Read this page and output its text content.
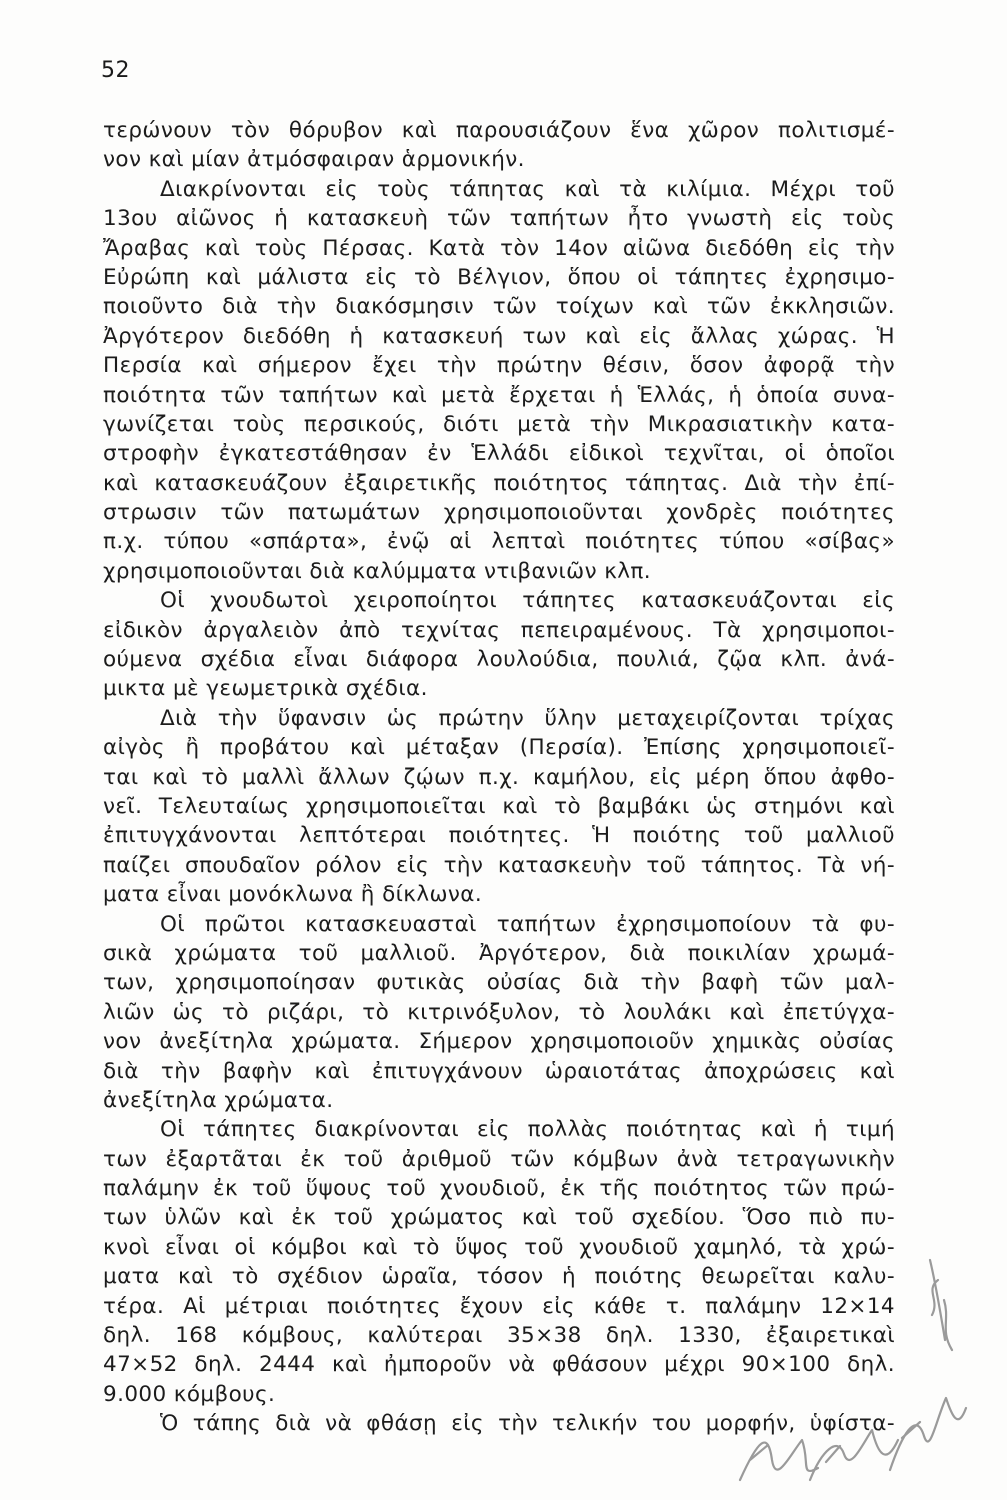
52
τερώνουν τὸν θόρυβον καὶ παρουσιάζουν ἕνα χῶρον πολιτισμέ-
νον καὶ μίαν ἀτμόσφαιραν ἁρμονικήν.
Διακρίνονται εἰς τοὺς τάπητας καὶ τὰ κιλίμια. Μέχρι τοῦ
13ου αἰῶνος ἡ κατασκευὴ τῶν ταπήτων ἦτο γνωστὴ εἰς τοὺς
Ἄραβας καὶ τοὺς Πέρσας. Κατὰ τὸν 14ον αἰῶνα διεδόθη εἰς τὴν
Εὐρώπη καὶ μάλιστα εἰς τὸ Βέλγιον, ὅπου οἱ τάπητες ἐχρησιμο-
ποιοῦντο διὰ τὴν διακόσμησιν τῶν τοίχων καὶ τῶν ἐκκλησιῶν.
Ἀργότερον διεδόθη ἡ κατασκευή των καὶ εἰς ἄλλας χώρας. Ἡ
Περσία καὶ σήμερον ἔχει τὴν πρώτην θέσιν, ὅσον ἀφορᾷ τὴν
ποιότητα τῶν ταπήτων καὶ μετὰ ἔρχεται ἡ Ἑλλάς, ἡ ὁποία συνα-
γωνίζεται τοὺς περσικούς, διότι μετὰ τὴν Μικρασιατικὴν κατα-
στροφὴν ἐγκατεστάθησαν ἐν Ἑλλάδι εἰδικοὶ τεχνῖται, οἱ ὁποῖοι
καὶ κατασκευάζουν ἐξαιρετικῆς ποιότητος τάπητας. Διὰ τὴν ἐπί-
στρωσιν τῶν πατωμάτων χρησιμοποιοῦνται χονδρὲς ποιότητες
π.χ. τύπου «σπάρτα», ἐνῷ αἱ λεπταὶ ποιότητες τύπου «σίβας»
χρησιμοποιοῦνται διὰ καλύμματα ντιβανιῶν κλπ.
Οἱ χνουδωτοὶ χειροποίητοι τάπητες κατασκευάζονται εἰς
εἰδικὸν ἀργαλειὸν ἀπὸ τεχνίτας πεπειραμένους. Τὰ χρησιμοποι-
ούμενα σχέδια εἶναι διάφορα λουλούδια, πουλιά, ζῷα κλπ. ἀνά-
μικτα μὲ γεωμετρικὰ σχέδια.
Διὰ τὴν ὕφανσιν ὡς πρώτην ὕλην μεταχειρίζονται τρίχας
αἰγὸς ἢ προβάτου καὶ μέταξαν (Περσία). Ἐπίσης χρησιμοποιεῖ-
ται καὶ τὸ μαλλὶ ἄλλων ζῴων π.χ. καμήλου, εἰς μέρη ὅπου ἀφθο-
νεῖ. Τελευταίως χρησιμοποιεῖται καὶ τὸ βαμβάκι ὡς στημόνι καὶ
ἐπιτυγχάνονται λεπτότεραι ποιότητες. Ἡ ποιότης τοῦ μαλλιοῦ
παίζει σπουδαῖον ρόλον εἰς τὴν κατασκευὴν τοῦ τάπητος. Τὰ νή-
ματα εἶναι μονόκλωνα ἢ δίκλωνα.
Οἱ πρῶτοι κατασκευασταὶ ταπήτων ἐχρησιμοποίουν τὰ φυ-
σικὰ χρώματα τοῦ μαλλιοῦ. Ἀργότερον, διὰ ποικιλίαν χρωμά-
των, χρησιμοποίησαν φυτικὰς οὐσίας διὰ τὴν βαφὴ τῶν μαλ-
λιῶν ὡς τὸ ριζάρι, τὸ κιτρινόξυλον, τὸ λουλάκι καὶ ἐπετύγχα-
νον ἀνεξίτηλα χρώματα. Σήμερον χρησιμοποιοῦν χημικὰς οὐσίας
διὰ τὴν βαφὴν καὶ ἐπιτυγχάνουν ὡραιοτάτας ἀποχρώσεις καὶ
ἀνεξίτηλα χρώματα.
Οἱ τάπητες διακρίνονται εἰς πολλὰς ποιότητας καὶ ἡ τιμή
των ἐξαρτᾶται ἐκ τοῦ ἀριθμοῦ τῶν κόμβων ἀνὰ τετραγωνικὴν
παλάμην ἐκ τοῦ ὕψους τοῦ χνουδιοῦ, ἐκ τῆς ποιότητος τῶν πρώ-
των ὑλῶν καὶ ἐκ τοῦ χρώματος καὶ τοῦ σχεδίου. Ὅσο πιὸ πυ-
κνοὶ εἶναι οἱ κόμβοι καὶ τὸ ὕψος τοῦ χνουδιοῦ χαμηλό, τὰ χρώ-
ματα καὶ τὸ σχέδιον ὡραῖα, τόσον ἡ ποιότης θεωρεῖται καλυ-
τέρα. Αἱ μέτριαι ποιότητες ἔχουν εἰς κάθε τ. παλάμην 12×14
δηλ. 168 κόμβους, καλύτεραι 35×38 δηλ. 1330, ἐξαιρετικαὶ
47×52 δηλ. 2444 καὶ ἠμποροῦν νὰ φθάσουν μέχρι 90×100 δηλ.
9.000 κόμβους.
Ὁ τάπης διὰ νὰ φθάσῃ εἰς τὴν τελικήν του μορφήν, ὑφίστα-
